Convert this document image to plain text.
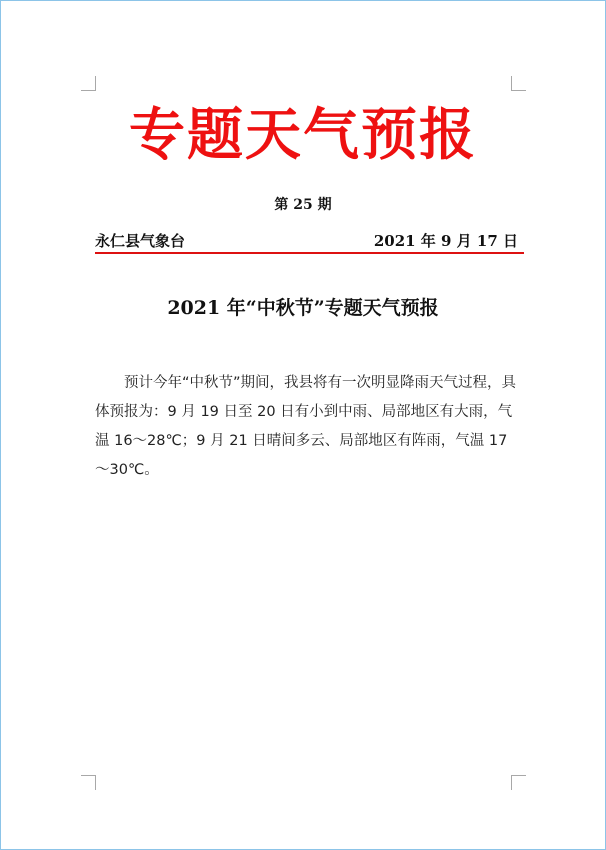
专题天气预报
第 25 期
永仁县气象台	2021 年 9 月 17 日
2021 年“中秋节”专题天气预报

预计今年“中秋节”期间，我县将有一次明显降雨天气过程，具体预报为：9 月 19 日至 20 日有小到中雨、局部地区有大雨，气温 16～28℃；9 月 21 日晴间多云、局部地区有阵雨，气温 17～30℃。
